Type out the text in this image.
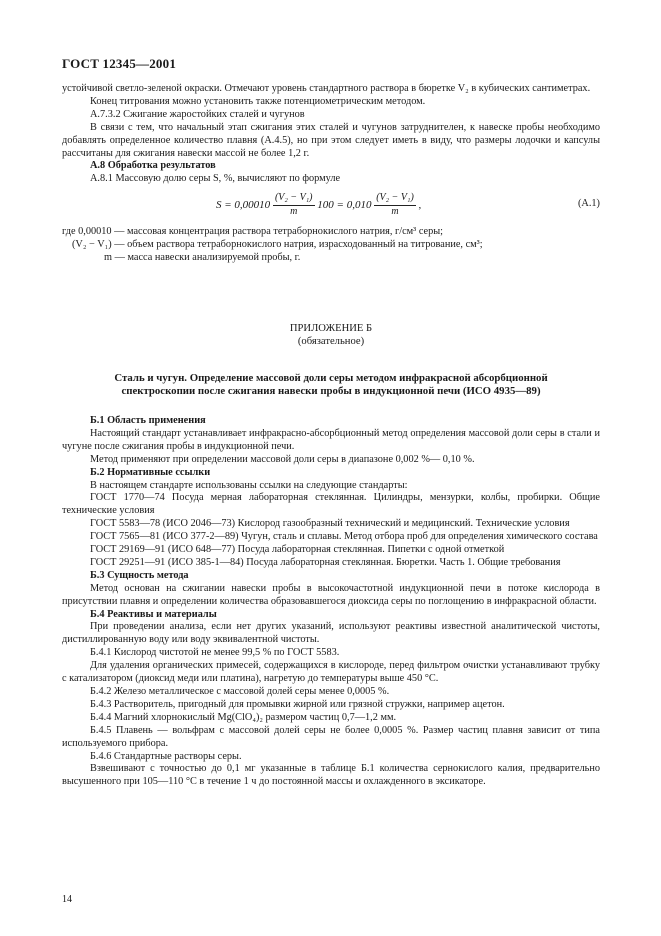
ГОСТ 12345—2001

устойчивой светло-зеленой окраски. Отмечают уровень стандартного раствора в бюретке V₂ в кубических сантиметрах.

Конец титрования можно установить также потенциометрическим методом.

А.7.3.2 Сжигание жаростойких сталей и чугунов

В связи с тем, что начальный этап сжигания этих сталей и чугунов затруднителен, к навеске пробы необходимо добавлять определенное количество плавня (А.4.5), но при этом следует иметь в виду, что размеры лодочки и капсулы рассчитаны для сжигания навески массой не более 1,2 г.

А.8 Обработка результатов

А.8.1 Массовую долю серы S, %, вычисляют по формуле

$S = 0,00010 \frac{\text{(V₂ − V₁)}}{m} 100 = 0,010 \frac{\text{(V₂ − V₁)}}{m}$ ,	(А.1)

где 0,00010 — массовая концентрация раствора тетраборнокислого натрия, г/см³ серы;

(V₂ − V₁) — объем раствора тетраборнокислого натрия, израсходованный на титрование, см³;

m — масса навески анализируемой пробы, г.

ПРИЛОЖЕНИЕ Б
(обязательное)
Сталь и чугун. Определение массовой доли серы методом инфракрасной абсорбционной
спектроскопии после сжигания навески пробы в индукционной печи (ИСО 4935—89)

Б.1 Область применения

Настоящий стандарт устанавливает инфракрасно-абсорбционный метод определения массовой доли серы в стали и чугуне после сжигания пробы в индукционной печи.

Метод применяют при определении массовой доли серы в диапазоне 0,002 %— 0,10 %.

Б.2 Нормативные ссылки

В настоящем стандарте использованы ссылки на следующие стандарты:

ГОСТ 1770—74 Посуда мерная лабораторная стеклянная. Цилиндры, мензурки, колбы, пробирки. Общие технические условия

ГОСТ 5583—78 (ИСО 2046—73) Кислород газообразный технический и медицинский. Технические условия

ГОСТ 7565—81 (ИСО 377-2—89) Чугун, сталь и сплавы. Метод отбора проб для определения химического состава

ГОСТ 29169—91 (ИСО 648—77) Посуда лабораторная стеклянная. Пипетки с одной отметкой

ГОСТ 29251—91 (ИСО 385-1—84) Посуда лабораторная стеклянная. Бюретки. Часть 1. Общие требования

Б.3 Сущность метода

Метод основан на сжигании навески пробы в высокочастотной индукционной печи в потоке кислорода в присутствии плавня и определении количества образовавшегося диоксида серы по поглощению в инфракрасной области.

Б.4 Реактивы и материалы

При проведении анализа, если нет других указаний, используют реактивы известной аналитической чистоты, дистиллированную воду или воду эквивалентной чистоты.

Б.4.1 Кислород чистотой не менее 99,5 % по ГОСТ 5583.

Для удаления органических примесей, содержащихся в кислороде, перед фильтром очистки устанавливают трубку с катализатором (диоксид меди или платина), нагретую до температуры выше 450 °С.

Б.4.2 Железо металлическое с массовой долей серы менее 0,0005 %.

Б.4.3 Растворитель, пригодный для промывки жирной или грязной стружки, например ацетон.

Б.4.4 Магний хлорнокислый Mg(ClO₄)₂ размером частиц 0,7—1,2 мм.

Б.4.5 Плавень — вольфрам с массовой долей серы не более 0,0005 %. Размер частиц плавня зависит от типа используемого прибора.

Б.4.6 Стандартные растворы серы.

Взвешивают с точностью до 0,1 мг указанные в таблице Б.1 количества сернокислого калия, предварительно высушенного при 105—110 °С в течение 1 ч до постоянной массы и охлажденного в эксикаторе.

14
